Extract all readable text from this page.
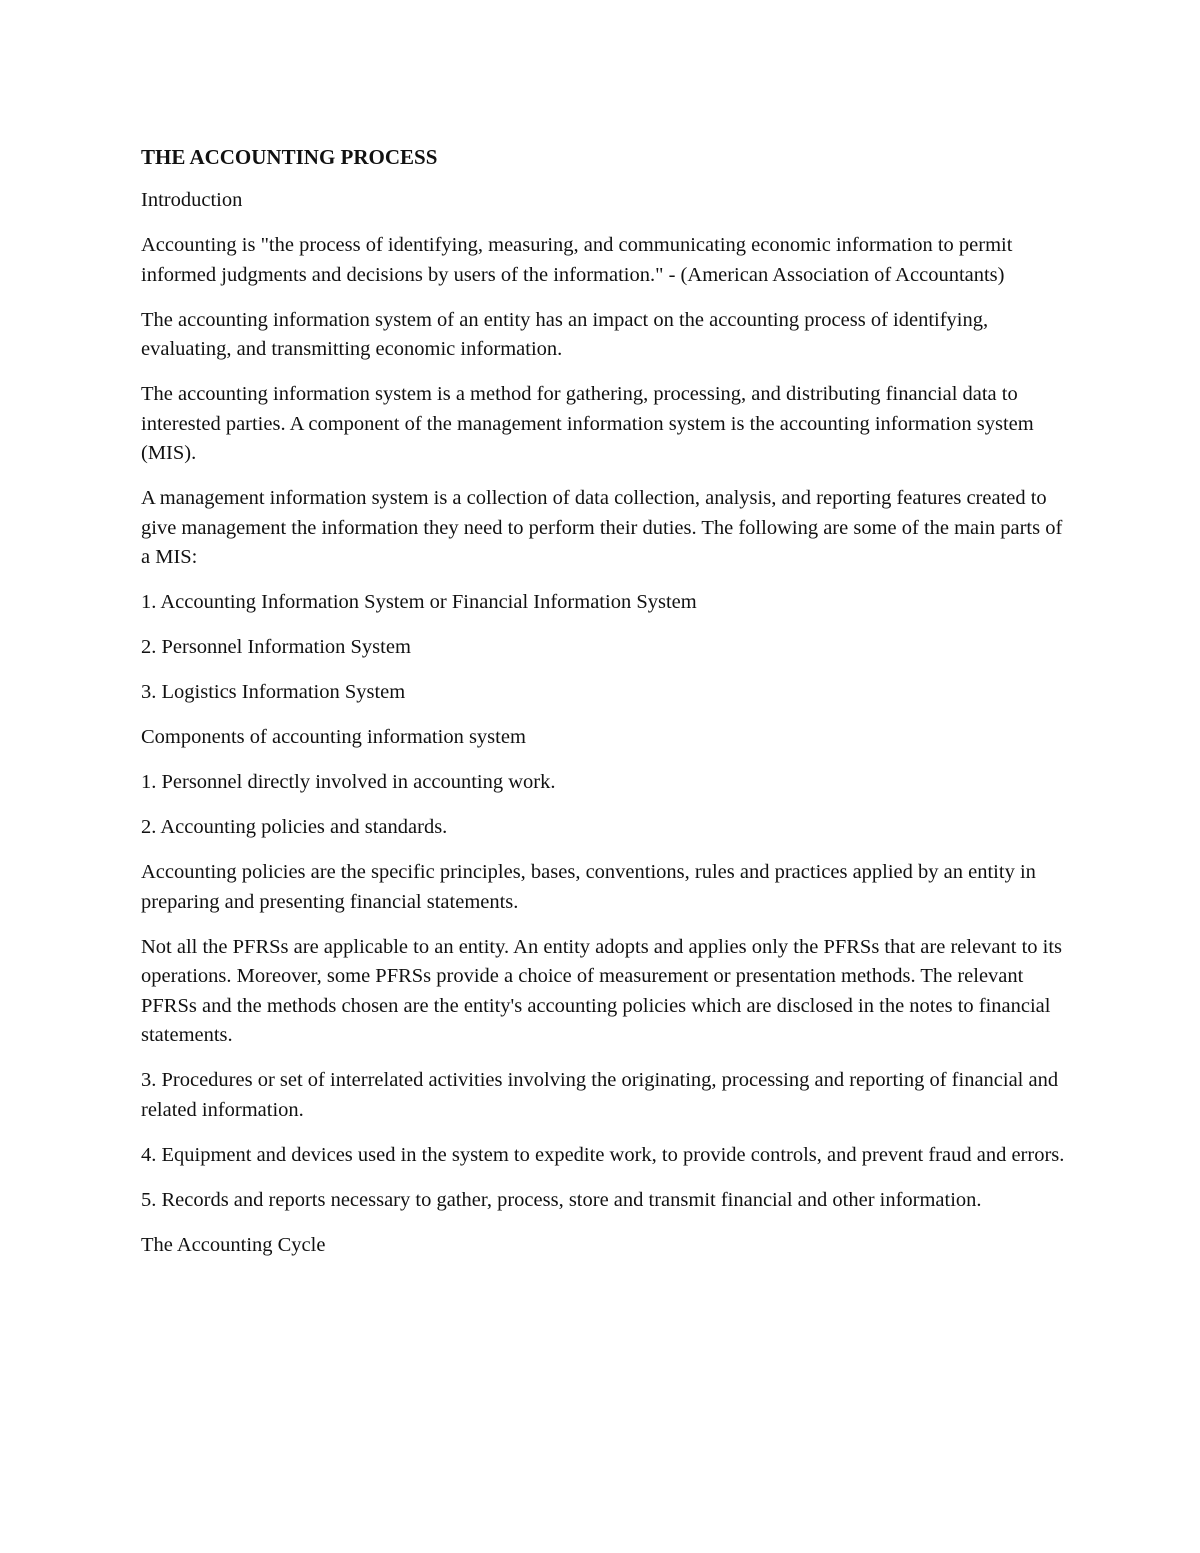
THE ACCOUNTING PROCESS

Introduction

Accounting is "the process of identifying, measuring, and communicating economic information to permit informed judgments and decisions by users of the information." - (American Association of Accountants)

The accounting information system of an entity has an impact on the accounting process of identifying, evaluating, and transmitting economic information.

The accounting information system is a method for gathering, processing, and distributing financial data to interested parties. A component of the management information system is the accounting information system (MIS).

A management information system is a collection of data collection, analysis, and reporting features created to give management the information they need to perform their duties. The following are some of the main parts of a MIS:

1. Accounting Information System or Financial Information System

2. Personnel Information System

3. Logistics Information System

Components of accounting information system

1. Personnel directly involved in accounting work.

2. Accounting policies and standards.

Accounting policies are the specific principles, bases, conventions, rules and practices applied by an entity in preparing and presenting financial statements.

Not all the PFRSs are applicable to an entity. An entity adopts and applies only the PFRSs that are relevant to its operations. Moreover, some PFRSs provide a choice of measurement or presentation methods. The relevant PFRSs and the methods chosen are the entity's accounting policies which are disclosed in the notes to financial statements.

3. Procedures or set of interrelated activities involving the originating, processing and reporting of financial and related information.

4. Equipment and devices used in the system to expedite work, to provide controls, and prevent fraud and errors.

5. Records and reports necessary to gather, process, store and transmit financial and other information.

The Accounting Cycle
